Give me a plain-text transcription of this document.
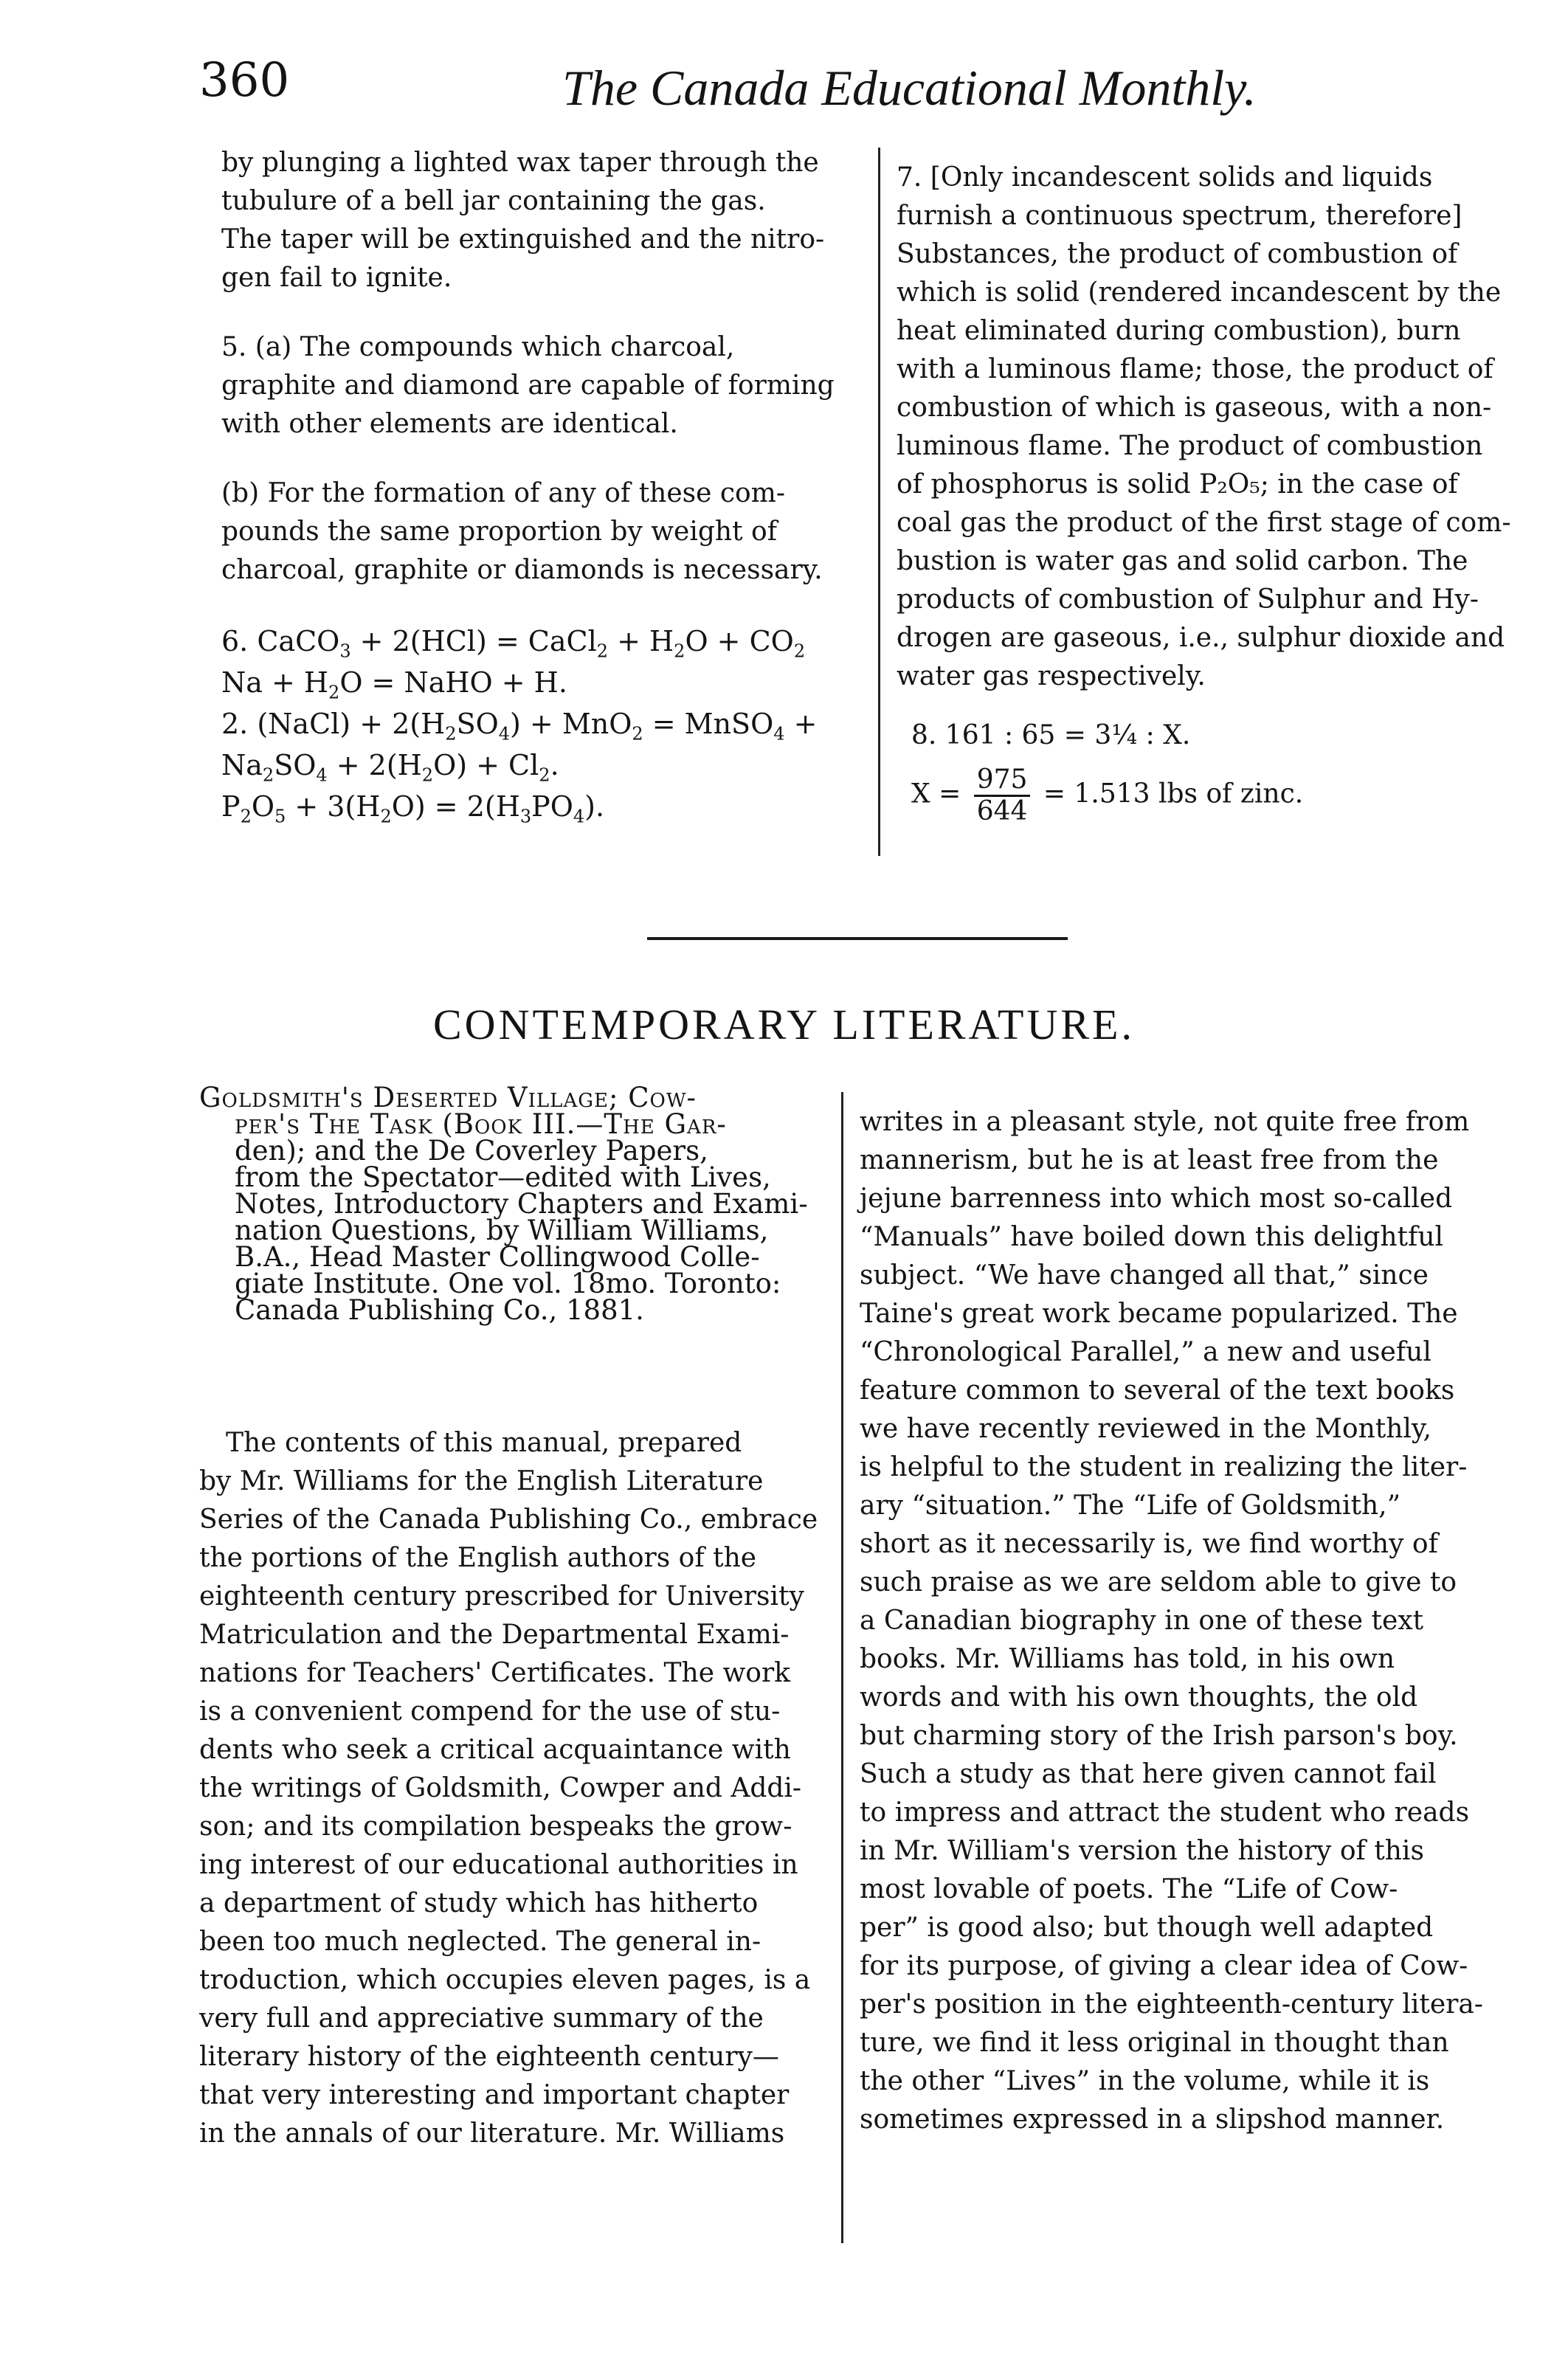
360	The Canada Educational Monthly.

by plunging a lighted wax taper through the
tubulure of a bell jar containing the gas.
The taper will be extinguished and the nitro-
gen fail to ignite.

5. (a) The compounds which charcoal,
graphite and diamond are capable of forming
with other elements are identical.

(b) For the formation of any of these com-
pounds the same proportion by weight of
charcoal, graphite or diamonds is necessary.

6. CaCO$_3$ + 2(HCl) = CaCl$_2$ + $H_2O + CO_2$
$Na + H_2O$ = NaHO + H.
2. (NaCl) + $2(H_2SO_4) + MnO_2$ = MnSO$_4$ +
$Na_2SO_4 + 2(H_2O) + Cl_2$.
$P_2O_5 + 3(H_2O) = 2(H_3PO_4)$.

7. [Only incandescent solids and liquids
furnish a continuous spectrum, therefore]
Substances, the product of combustion of
which is solid (rendered incandescent by the
heat eliminated during combustion), burn
with a luminous flame; those, the product of
combustion of which is gaseous, with a non-
luminous flame. The product of combustion
of phosphorus is solid P₂O₅; in the case of
coal gas the product of the first stage of com-
bustion is water gas and solid carbon. The
products of combustion of Sulphur and Hy-
drogen are gaseous, i.e., sulphur dioxide and
water gas respectively.

8. 161 : 65 = 3¼ : X.
$X = \frac{975}{644} = 1.513$ lbs of zinc.
CONTEMPORARY LITERATURE.
Goldsmith's Deserted Village; Cow-
per's The Task (Book III.—The Gar-
den); and the De Coverley Papers,
from the Spectator—edited with Lives,
Notes, Introductory Chapters and Exami-
nation Questions, by William Williams,
B.A., Head Master Collingwood Colle-
giate Institute. One vol. 18mo. Toronto:
Canada Publishing Co., 1881.
The contents of this manual, prepared
by Mr. Williams for the English Literature
Series of the Canada Publishing Co., embrace
the portions of the English authors of the
eighteenth century prescribed for University
Matriculation and the Departmental Exami-
nations for Teachers' Certificates. The work
is a convenient compend for the use of stu-
dents who seek a critical acquaintance with
the writings of Goldsmith, Cowper and Addi-
son; and its compilation bespeaks the grow-
ing interest of our educational authorities in
a department of study which has hitherto
been too much neglected. The general in-
troduction, which occupies eleven pages, is a
very full and appreciative summary of the
literary history of the eighteenth century—
that very interesting and important chapter
in the annals of our literature. Mr. Williams
writes in a pleasant style, not quite free from
mannerism, but he is at least free from the
jejune barrenness into which most so-called
“Manuals” have boiled down this delightful
subject. “We have changed all that,” since
Taine's great work became popularized. The
“Chronological Parallel,” a new and useful
feature common to several of the text books
we have recently reviewed in the Monthly,
is helpful to the student in realizing the liter-
ary “situation.” The “Life of Goldsmith,”
short as it necessarily is, we find worthy of
such praise as we are seldom able to give to
a Canadian biography in one of these text
books. Mr. Williams has told, in his own
words and with his own thoughts, the old
but charming story of the Irish parson's boy.
Such a study as that here given cannot fail
to impress and attract the student who reads
in Mr. William's version the history of this
most lovable of poets. The “Life of Cow-
per” is good also; but though well adapted
for its purpose, of giving a clear idea of Cow-
per's position in the eighteenth-century litera-
ture, we find it less original in thought than
the other “Lives” in the volume, while it is
sometimes expressed in a slipshod manner.
